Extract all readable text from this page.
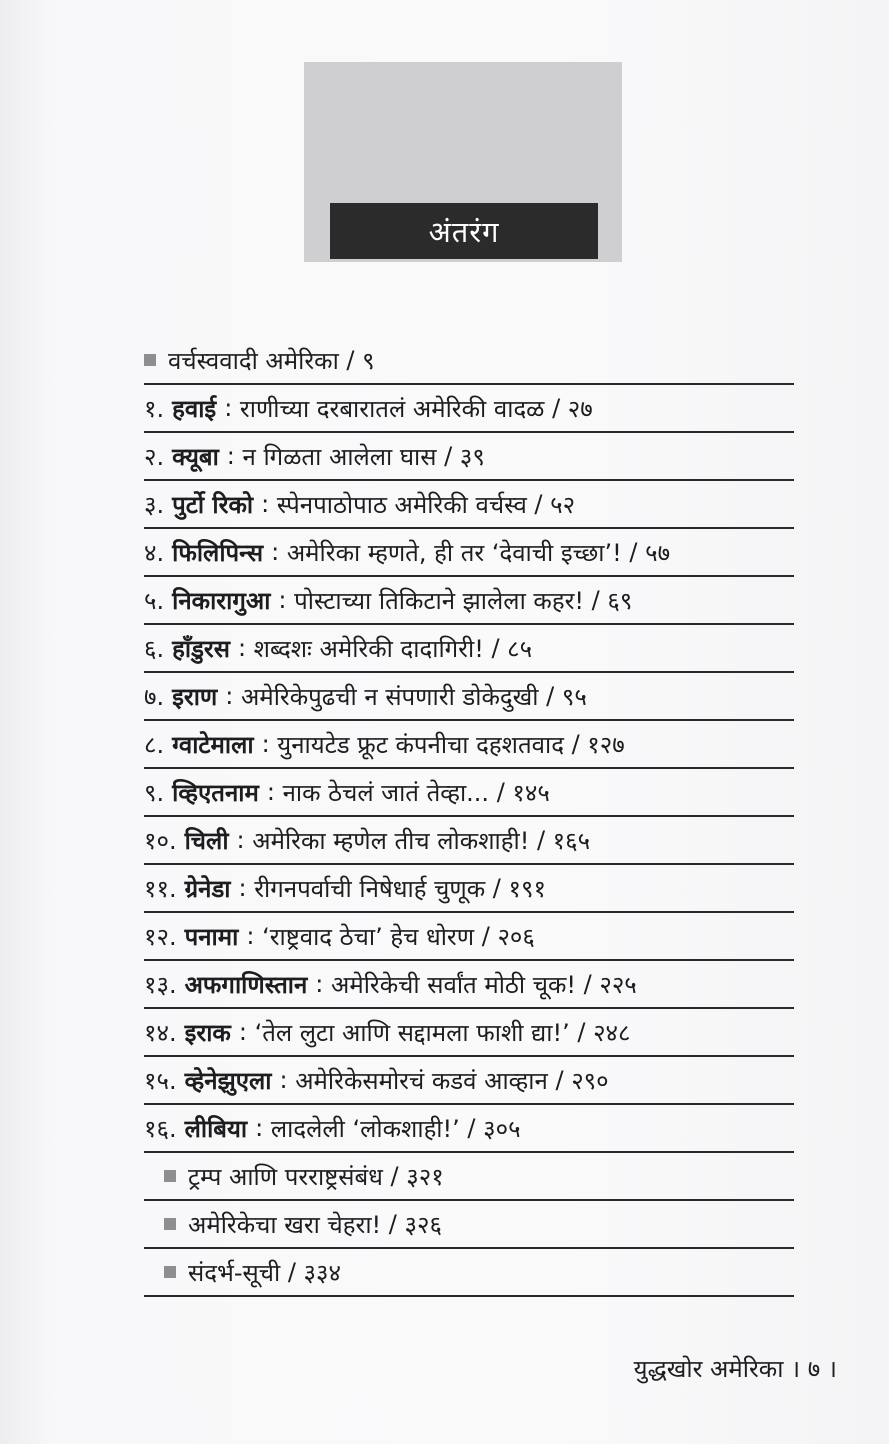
अंतरंग
वर्चस्ववादी अमेरिका / ९
१. हवाई : राणीच्या दरबारातलं अमेरिकी वादळ / २७
२. क्यूबा : न गिळता आलेला घास / ३९
३. पुर्टो रिको : स्पेनपाठोपाठ अमेरिकी वर्चस्व / ५२
४. फिलिपिन्स : अमेरिका म्हणते, ही तर ‘देवाची इच्छा’! / ५७
५. निकारागुआ : पोस्टाच्या तिकिटाने झालेला कहर! / ६९
६. हाँडुरस : शब्दशः अमेरिकी दादागिरी! / ८५
७. इराण : अमेरिकेपुढची न संपणारी डोकेदुखी / ९५
८. ग्वाटेमाला : युनायटेड फ्रूट कंपनीचा दहशतवाद / १२७
९. व्हिएतनाम : नाक ठेचलं जातं तेव्हा... / १४५
१०. चिली : अमेरिका म्हणेल तीच लोकशाही! / १६५
११. ग्रेनेडा : रीगनपर्वाची निषेधार्ह चुणूक / १९१
१२. पनामा : ‘राष्ट्रवाद ठेचा’ हेच धोरण / २०६
१३. अफगाणिस्तान : अमेरिकेची सर्वांत मोठी चूक! / २२५
१४. इराक : ‘तेल लुटा आणि सद्दामला फाशी द्या!’ / २४८
१५. व्हेनेझुएला : अमेरिकेसमोरचं कडवं आव्हान / २९०
१६. लीबिया : लादलेली ‘लोकशाही!’ / ३०५
ट्रम्प आणि परराष्ट्रसंबंध / ३२१
अमेरिकेचा खरा चेहरा! / ३२६
संदर्भ-सूची / ३३४
युद्धखोर अमेरिका । ७ ।
